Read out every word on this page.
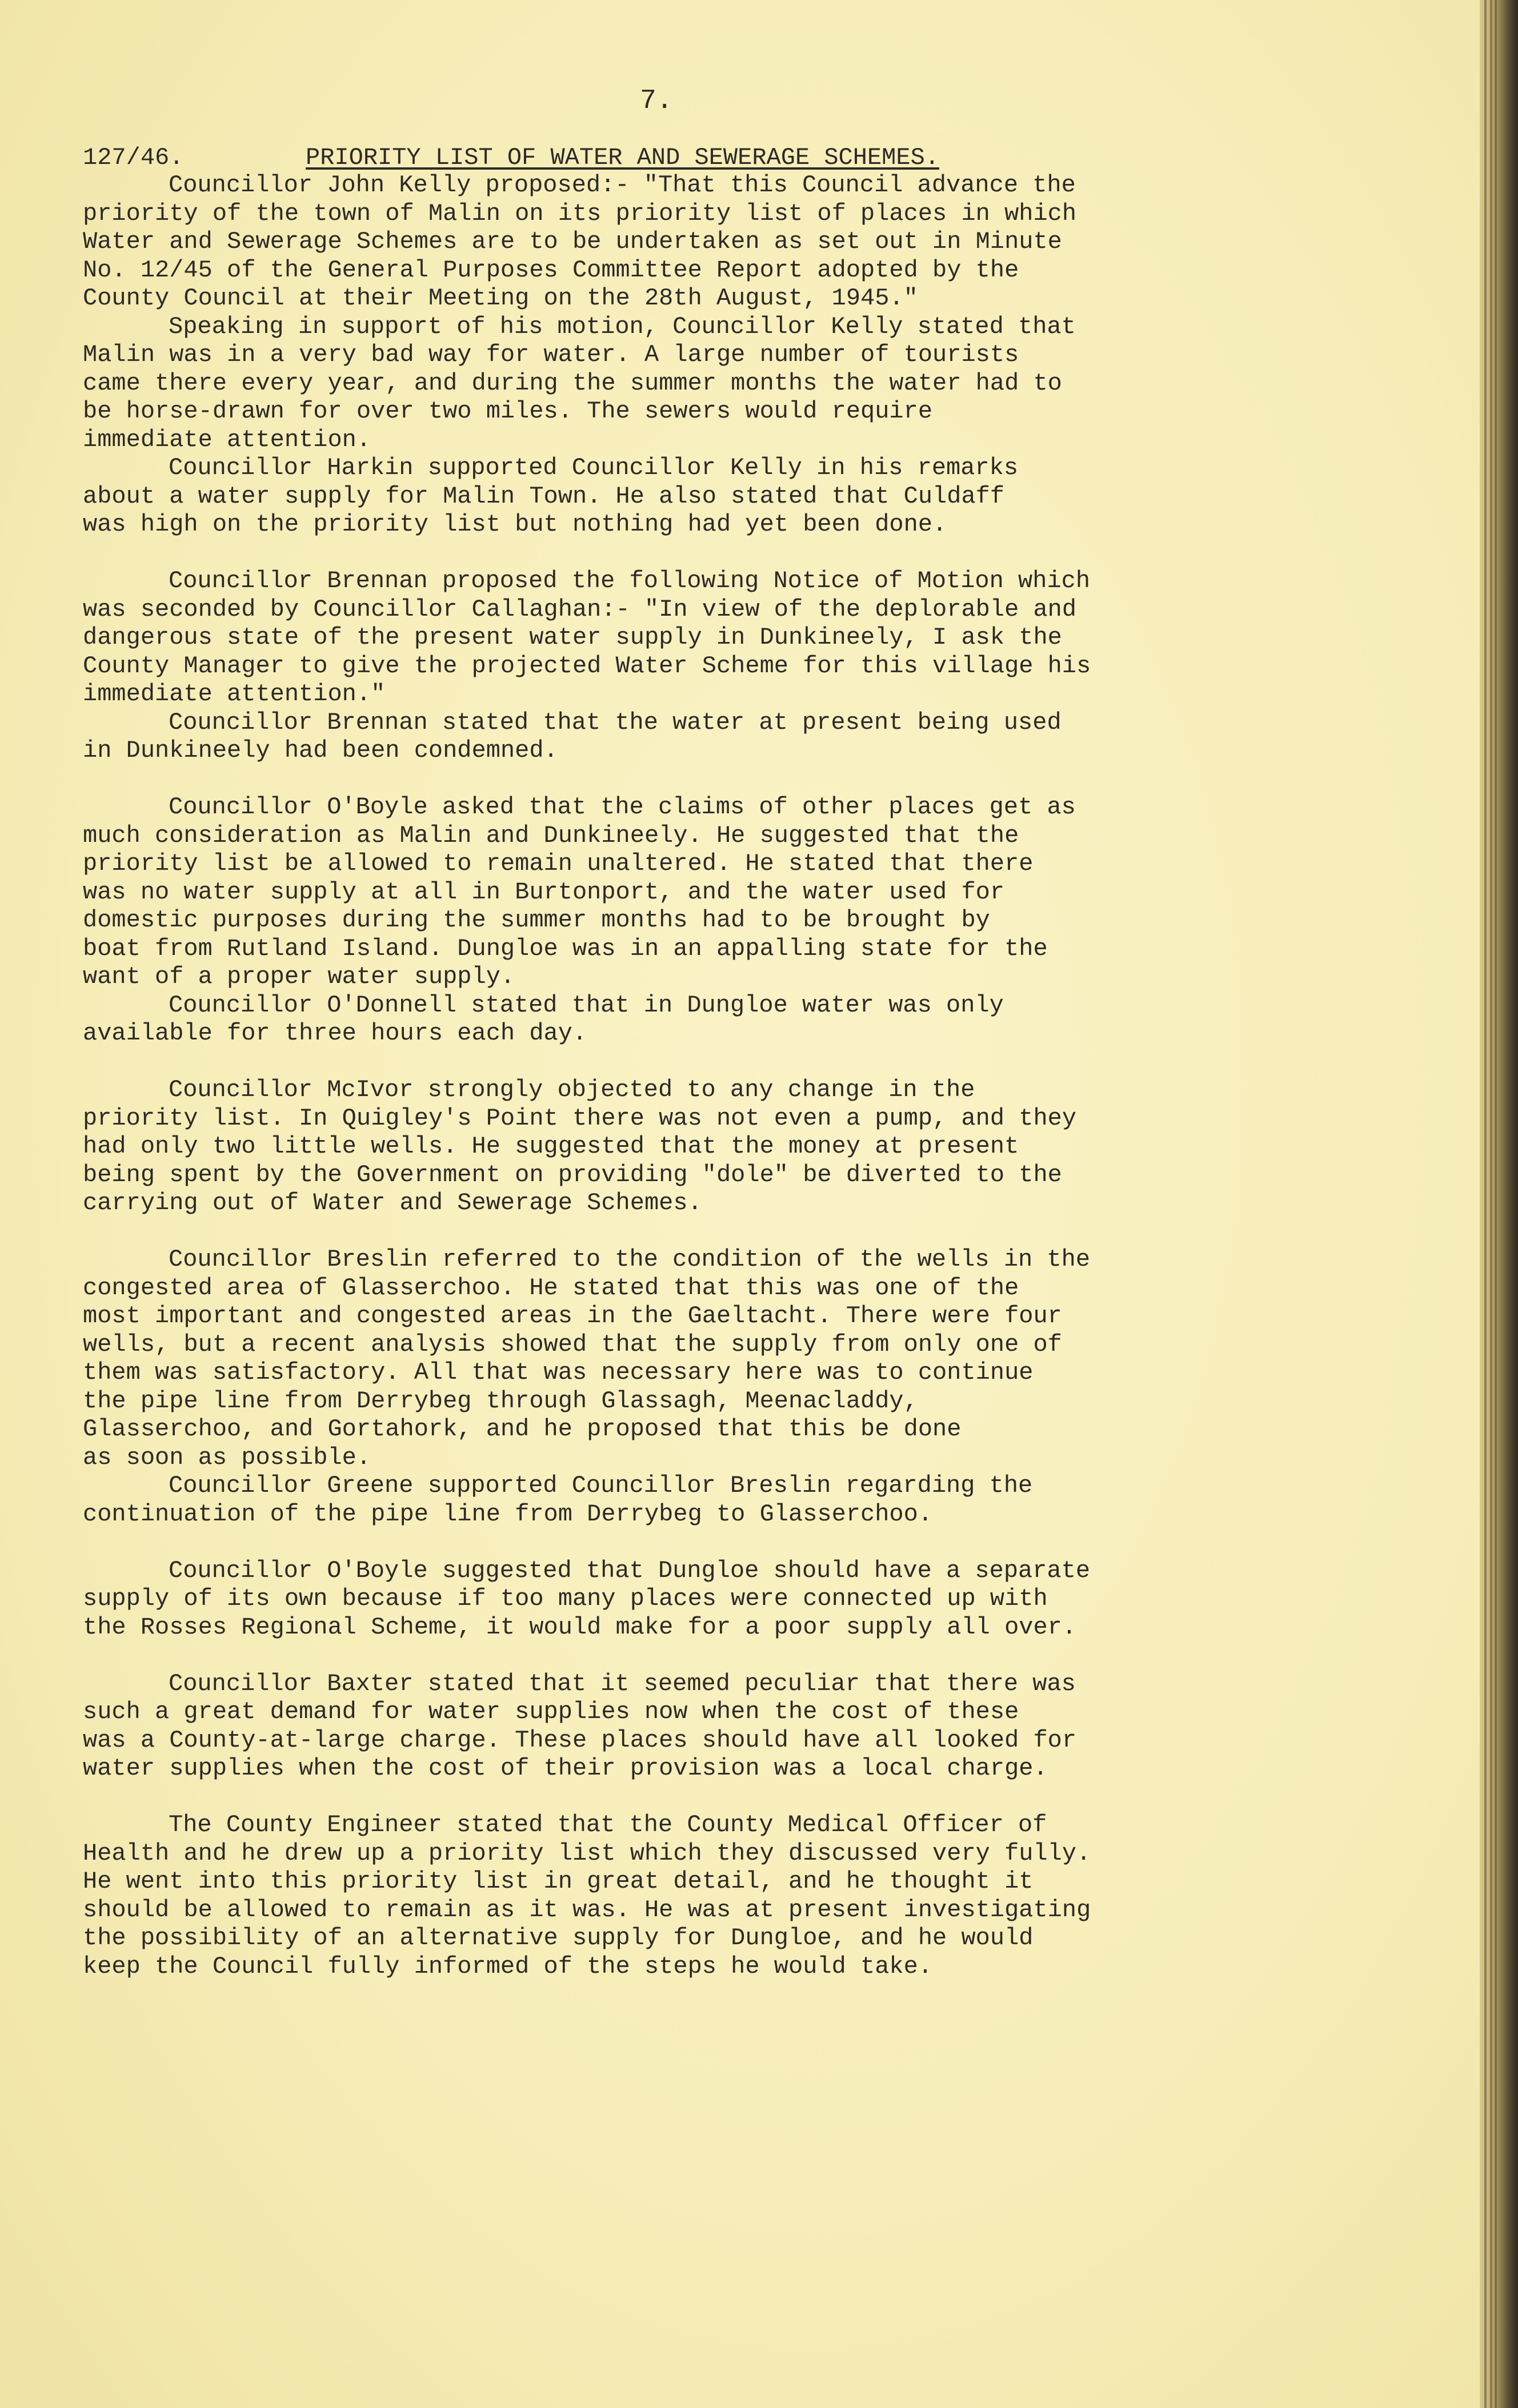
7.
127/46.	PRIORITY LIST OF WATER AND SEWERAGE SCHEMES.

Councillor John Kelly proposed:- "That this Council advance the
priority of the town of Malin on its priority list of places in which
Water and Sewerage Schemes are to be undertaken as set out in Minute
No. 12/45 of the General Purposes Committee Report adopted by the
County Council at their Meeting on the 28th August, 1945."

Speaking in support of his motion, Councillor Kelly stated that
Malin was in a very bad way for water. A large number of tourists
came there every year, and during the summer months the water had to
be horse-drawn for over two miles. The sewers would require
immediate attention.

Councillor Harkin supported Councillor Kelly in his remarks
about a water supply for Malin Town. He also stated that Culdaff
was high on the priority list but nothing had yet been done.

Councillor Brennan proposed the following Notice of Motion which
was seconded by Councillor Callaghan:- "In view of the deplorable and
dangerous state of the present water supply in Dunkineely, I ask the
County Manager to give the projected Water Scheme for this village his
immediate attention."

Councillor Brennan stated that the water at present being used
in Dunkineely had been condemned.

Councillor O'Boyle asked that the claims of other places get as
much consideration as Malin and Dunkineely. He suggested that the
priority list be allowed to remain unaltered. He stated that there
was no water supply at all in Burtonport, and the water used for
domestic purposes during the summer months had to be brought by
boat from Rutland Island. Dungloe was in an appalling state for the
want of a proper water supply.

Councillor O'Donnell stated that in Dungloe water was only
available for three hours each day.

Councillor McIvor strongly objected to any change in the
priority list. In Quigley's Point there was not even a pump, and they
had only two little wells. He suggested that the money at present
being spent by the Government on providing "dole" be diverted to the
carrying out of Water and Sewerage Schemes.

Councillor Breslin referred to the condition of the wells in the
congested area of Glasserchoo. He stated that this was one of the
most important and congested areas in the Gaeltacht. There were four
wells, but a recent analysis showed that the supply from only one of
them was satisfactory. All that was necessary here was to continue
the pipe line from Derrybeg through Glassagh, Meenacladdy,
Glasserchoo, and Gortahork, and he proposed that this be done
as soon as possible.

Councillor Greene supported Councillor Breslin regarding the
continuation of the pipe line from Derrybeg to Glasserchoo.

Councillor O'Boyle suggested that Dungloe should have a separate
supply of its own because if too many places were connected up with
the Rosses Regional Scheme, it would make for a poor supply all over.

Councillor Baxter stated that it seemed peculiar that there was
such a great demand for water supplies now when the cost of these
was a County-at-large charge. These places should have all looked for
water supplies when the cost of their provision was a local charge.

The County Engineer stated that the County Medical Officer of
Health and he drew up a priority list which they discussed very fully.
He went into this priority list in great detail, and he thought it
should be allowed to remain as it was. He was at present investigating
the possibility of an alternative supply for Dungloe, and he would
keep the Council fully informed of the steps he would take.
